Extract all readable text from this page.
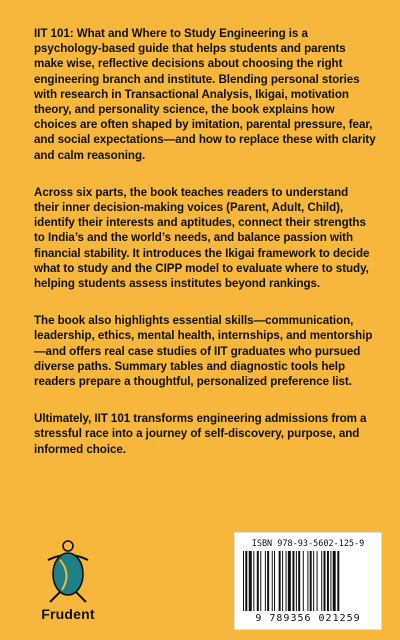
IIT 101: What and Where to Study Engineering is a psychology-based guide that helps students and parents make wise, reflective decisions about choosing the right engineering branch and institute. Blending personal stories with research in Transactional Analysis, Ikigai, motivation theory, and personality science, the book explains how choices are often shaped by imitation, parental pressure, fear, and social expectations—and how to replace these with clarity and calm reasoning.

Across six parts, the book teaches readers to understand their inner decision-making voices (Parent, Adult, Child), identify their interests and aptitudes, connect their strengths to India’s and the world’s needs, and balance passion with financial stability. It introduces the Ikigai framework to decide what to study and the CIPP model to evaluate where to study, helping students assess institutes beyond rankings.

The book also highlights essential skills—communication, leadership, ethics, mental health, internships, and mentorship—and offers real case studies of IIT graduates who pursued diverse paths. Summary tables and diagnostic tools help readers prepare a thoughtful, personalized preference list.

Ultimately, IIT 101 transforms engineering admissions from a stressful race into a journey of self-discovery, purpose, and informed choice.

Frudent
ISBN 978-93-5602-125-9
9 789356 021259
